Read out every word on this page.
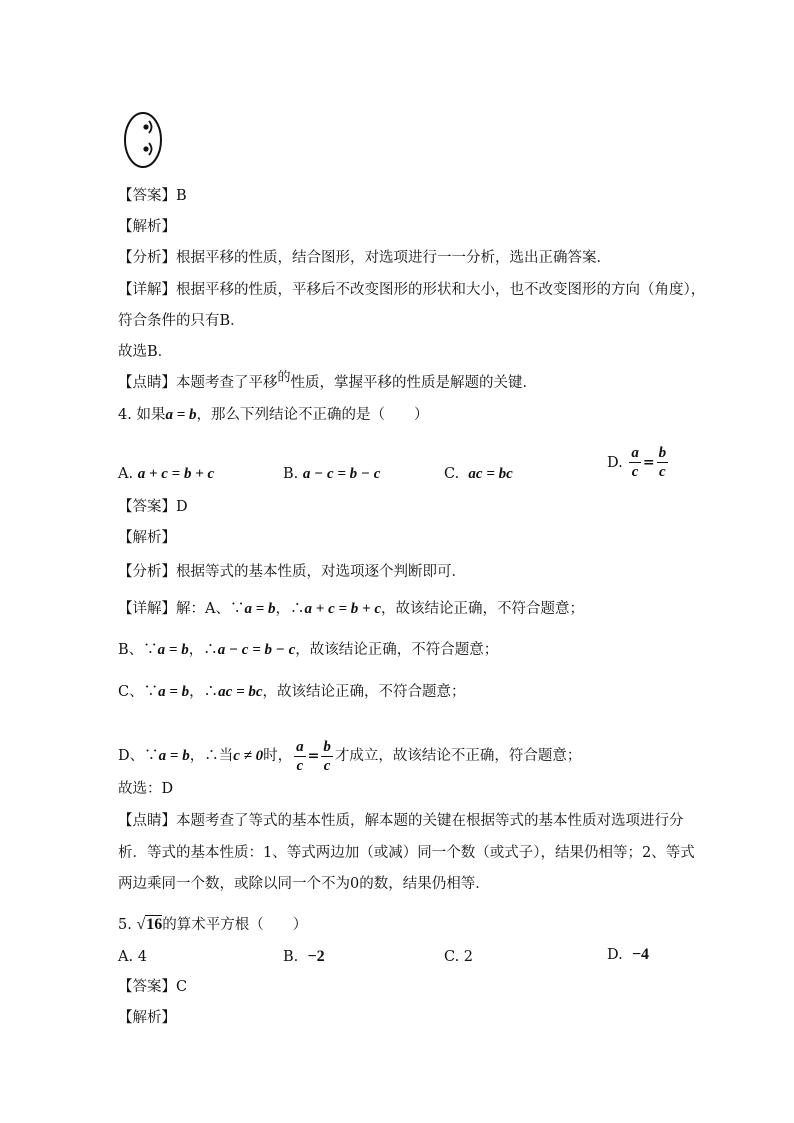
【答案】B
【解析】
【分析】根据平移的性质，结合图形，对选项进行一一分析，选出正确答案．
【详解】根据平移的性质，平移后不改变图形的形状和大小，也不改变图形的方向（角度），
符合条件的只有B．
故选B．
【点睛】本题考查了平移的性质，掌握平移的性质是解题的关键．
4. 如果a = b，那么下列结论不正确的是（　　）
A. a + c = b + c	B. a − c = b − c	C. ac = bc
D. $\frac{a}{c} = \frac{b}{c}$
【答案】D
【解析】
【分析】根据等式的基本性质，对选项逐个判断即可．
【详解】解：A、∵a = b，∴a + c = b + c，故该结论正确，不符合题意；
B、∵a = b，∴a − c = b − c，故该结论正确，不符合题意；
C、∵a = b，∴ac = bc，故该结论正确，不符合题意；
D、∵a = b，∴当c ≠ 0时， $\frac{a}{c} = \frac{b}{c}$ 才成立，故该结论不正确，符合题意；
故选：D
【点睛】本题考查了等式的基本性质，解本题的关键在根据等式的基本性质对选项进行分
析．等式的基本性质：1、等式两边加（或减）同一个数（或式子），结果仍相等；2、等式
两边乘同一个数，或除以同一个不为0的数，结果仍相等．
5. √16的算术平方根（　　）
A. 4	B. −2	C. 2	D. −4
【答案】C
【解析】
